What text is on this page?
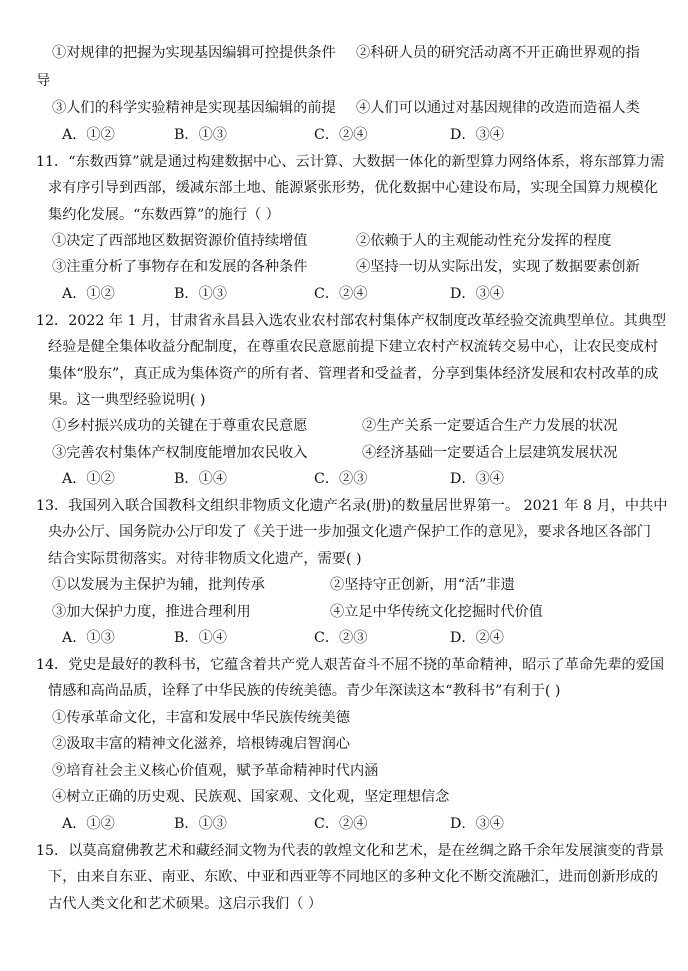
①对规律的把握为实现基因编辑可控提供条件 ②科研人员的研究活动离不开正确世界观的指
导
③人们的科学实验精神是实现基因编辑的前提 ④人们可以通过对基因规律的改造而造福人类
A．①②	B．①③	C．②④	D．③④
11．“东数西算”就是通过构建数据中心、云计算、大数据一体化的新型算力网络体系，将东部算力需
求有序引导到西部，缓减东部土地、能源紧张形势，优化数据中心建设布局，实现全国算力规模化
集约化发展。“东数西算”的施行（ ）
①决定了西部地区数据资源价值持续增值	②依赖于人的主观能动性充分发挥的程度
③注重分析了事物存在和发展的各种条件	④坚持一切从实际出发，实现了数据要素创新
A．①②	B．①③	C．②④	D．③④
12．2022 年 1 月，甘肃省永昌县入选农业农村部农村集体产权制度改革经验交流典型单位。其典型
经验是健全集体收益分配制度，在尊重农民意愿前提下建立农村产权流转交易中心，让农民变成村
集体“股东”，真正成为集体资产的所有者、管理者和受益者，分享到集体经济发展和农村改革的成
果。这一典型经验说明( )
①乡村振兴成功的关键在于尊重农民意愿	②生产关系一定要适合生产力发展的状况
③完善农村集体产权制度能增加农民收入	④经济基础一定要适合上层建筑发展状况
A．①②	B．①④	C．②③	D．③④
13．我国列入联合国教科文组织非物质文化遗产名录(册)的数量居世界第一。 2021 年 8 月，中共中
央办公厅、国务院办公厅印发了《关于进一步加强文化遗产保护工作的意见》，要求各地区各部门
结合实际贯彻落实。对待非物质文化遗产，需要( )
①以发展为主保护为辅，批判传承	②坚持守正创新，用“活”非遗
③加大保护力度，推进合理利用	④立足中华传统文化挖掘时代价值
A．①③	B．①④	C．②③	D．②④
14．党史是最好的教科书，它蕴含着共产党人艰苦奋斗不屈不挠的革命精神，昭示了革命先辈的爱国
情感和高尚品质，诠释了中华民族的传统美德。青少年深读这本“教科书”有利于( )
①传承革命文化，丰富和发展中华民族传统美德
②汲取丰富的精神文化滋养，培根铸魂启智润心
⑨培育社会主义核心价值观，赋予革命精神时代内涵
④树立正确的历史观、民族观、国家观、文化观，坚定理想信念
A．①②	B．①③	C．②④	D．③④
15．以莫高窟佛教艺术和藏经洞文物为代表的敦煌文化和艺术，是在丝绸之路千余年发展演变的背景
下，由来自东亚、南亚、东欧、中亚和西亚等不同地区的多种文化不断交流融汇，进而创新形成的
古代人类文化和艺术硕果。这启示我们（ ）
